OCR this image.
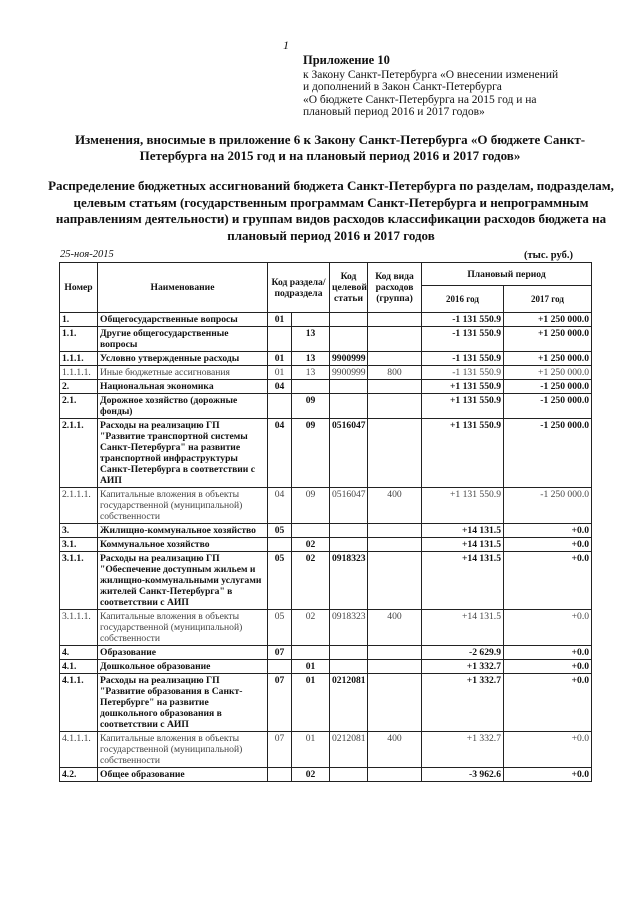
1
Приложение 10
к Закону Санкт-Петербурга «О внесении изменений
и дополнений в Закон Санкт-Петербурга
«О бюджете Санкт-Петербурга на 2015 год и на
плановый период 2016 и 2017 годов»
Изменения, вносимые в приложение 6 к Закону Санкт-Петербурга «О бюджете Санкт-Петербурга на 2015 год и на плановый период 2016 и 2017 годов»
Распределение бюджетных ассигнований бюджета Санкт-Петербурга по разделам, подразделам, целевым статьям (государственным программам Санкт-Петербурга и непрограммным направлениям деятельности) и группам видов расходов классификации расходов бюджета на плановый период 2016 и 2017 годов
25-ноя-2015	(тыс. руб.)
Номер	Наименование	Код раздела/ подраздела		Код целевой статьи	Код вида расходов (группа)	Плановый период	
						2016 год	2017 год
1.	Общегосударственные вопросы	01				-1 131 550.9	+1 250 000.0
1.1.	Другие общегосударственные вопросы		13			-1 131 550.9	+1 250 000.0
1.1.1.	Условно утвержденные расходы	01	13	9900999		-1 131 550.9	+1 250 000.0
1.1.1.1.	Иные бюджетные ассигнования	01	13	9900999	800	-1 131 550.9	+1 250 000.0
2.	Национальная экономика	04				+1 131 550.9	-1 250 000.0
2.1.	Дорожное хозяйство (дорожные фонды)		09			+1 131 550.9	-1 250 000.0
2.1.1.	Расходы на реализацию ГП "Развитие транспортной системы Санкт-Петербурга" на развитие транспортной инфраструктуры Санкт-Петербурга в соответствии с АИП	04	09	0516047		+1 131 550.9	-1 250 000.0
2.1.1.1.	Капитальные вложения в объекты государственной (муниципальной) собственности	04	09	0516047	400	+1 131 550.9	-1 250 000.0
3.	Жилищно-коммунальное хозяйство	05				+14 131.5	+0.0
3.1.	Коммунальное хозяйство		02			+14 131.5	+0.0
3.1.1.	Расходы на реализацию ГП "Обеспечение доступным жильем и жилищно-коммунальными услугами жителей Санкт-Петербурга" в соответствии с АИП	05	02	0918323		+14 131.5	+0.0
3.1.1.1.	Капитальные вложения в объекты государственной (муниципальной) собственности	05	02	0918323	400	+14 131.5	+0.0
4.	Образование	07				-2 629.9	+0.0
4.1.	Дошкольное образование		01			+1 332.7	+0.0
4.1.1.	Расходы на реализацию ГП "Развитие образования в Санкт-Петербурге" на развитие дошкольного образования в соответствии с АИП	07	01	0212081		+1 332.7	+0.0
4.1.1.1.	Капитальные вложения в объекты государственной (муниципальной) собственности	07	01	0212081	400	+1 332.7	+0.0
4.2.	Общее образование		02			-3 962.6	+0.0
